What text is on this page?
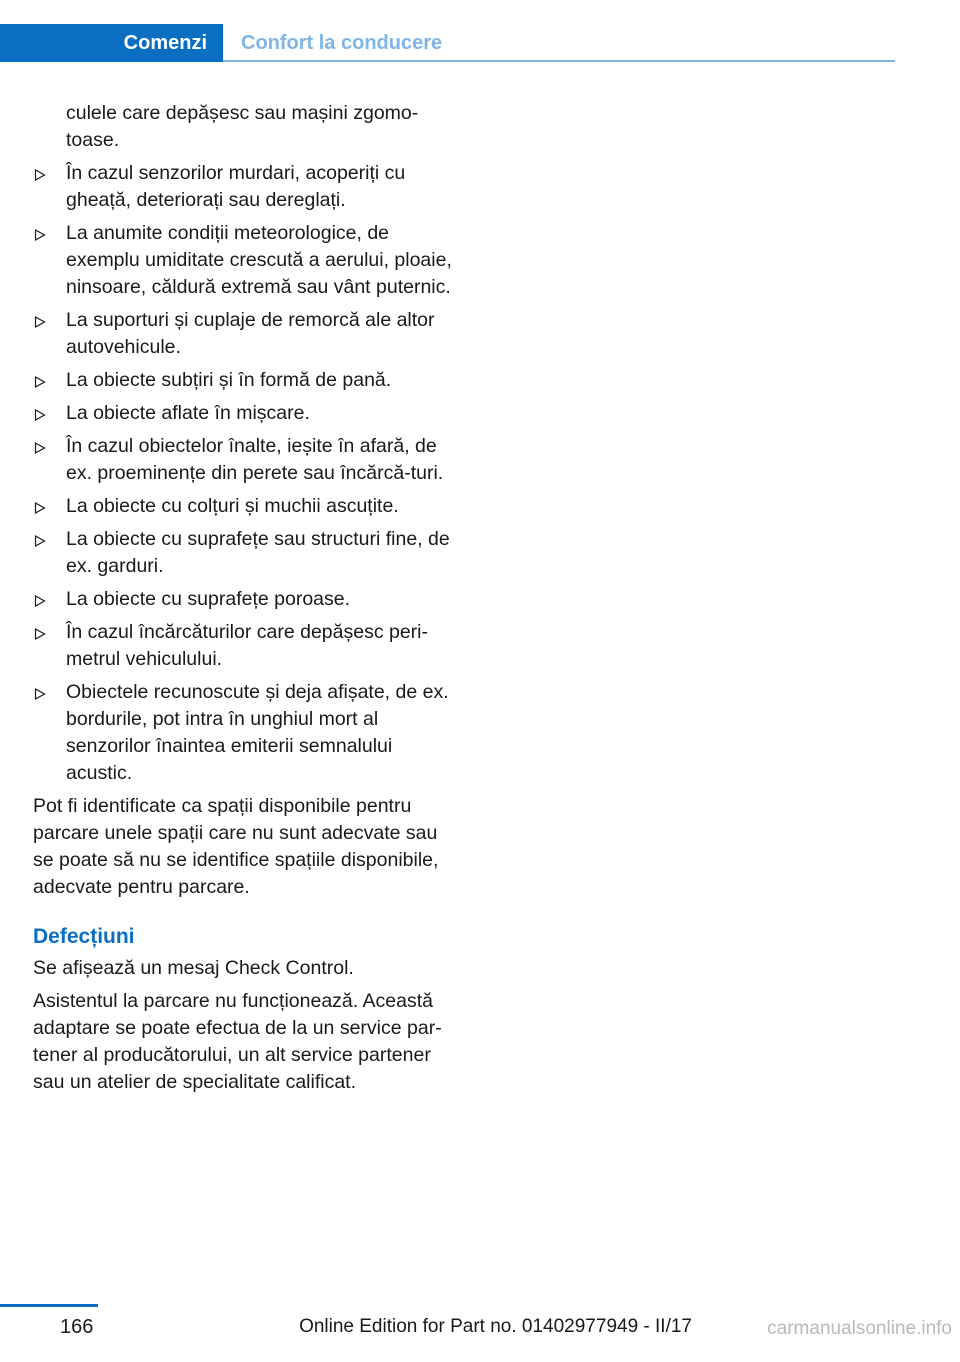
Comenzi Confort la conducere

culele care depășesc sau mașini zgomo‐toase.

În cazul senzorilor murdari, acoperiți cu gheață, deteriorați sau dereglați.
La anumite condiții meteorologice, de exemplu umiditate crescută a aerului, ploaie, ninsoare, căldură extremă sau vânt puternic.
La suporturi și cuplaje de remorcă ale altor autovehicule.
La obiecte subțiri și în formă de pană.
La obiecte aflate în mișcare.
În cazul obiectelor înalte, ieșite în afară, de ex. proeminențe din perete sau încărcă‐turi.
La obiecte cu colțuri și muchii ascuțite.
La obiecte cu suprafețe sau structuri fine, de ex. garduri.
La obiecte cu suprafețe poroase.
În cazul încărcăturilor care depășesc peri‐metrul vehiculului.
Obiectele recunoscute și deja afișate, de ex. bordurile, pot intra în unghiul mort al senzorilor înaintea emiterii semnalului acustic.

Pot fi identificate ca spații disponibile pentru parcare unele spații care nu sunt adecvate sau se poate să nu se identifice spațiile disponibile, adecvate pentru parcare.

Defecțiuni

Se afișează un mesaj Check Control.

Asistentul la parcare nu funcționează. Această adaptare se poate efectua de la un service par‐tener al producătorului, un alt service partener sau un atelier de specialitate calificat.

166	Online Edition for Part no. 01402977949 - II/17	carmanualsonline.info
